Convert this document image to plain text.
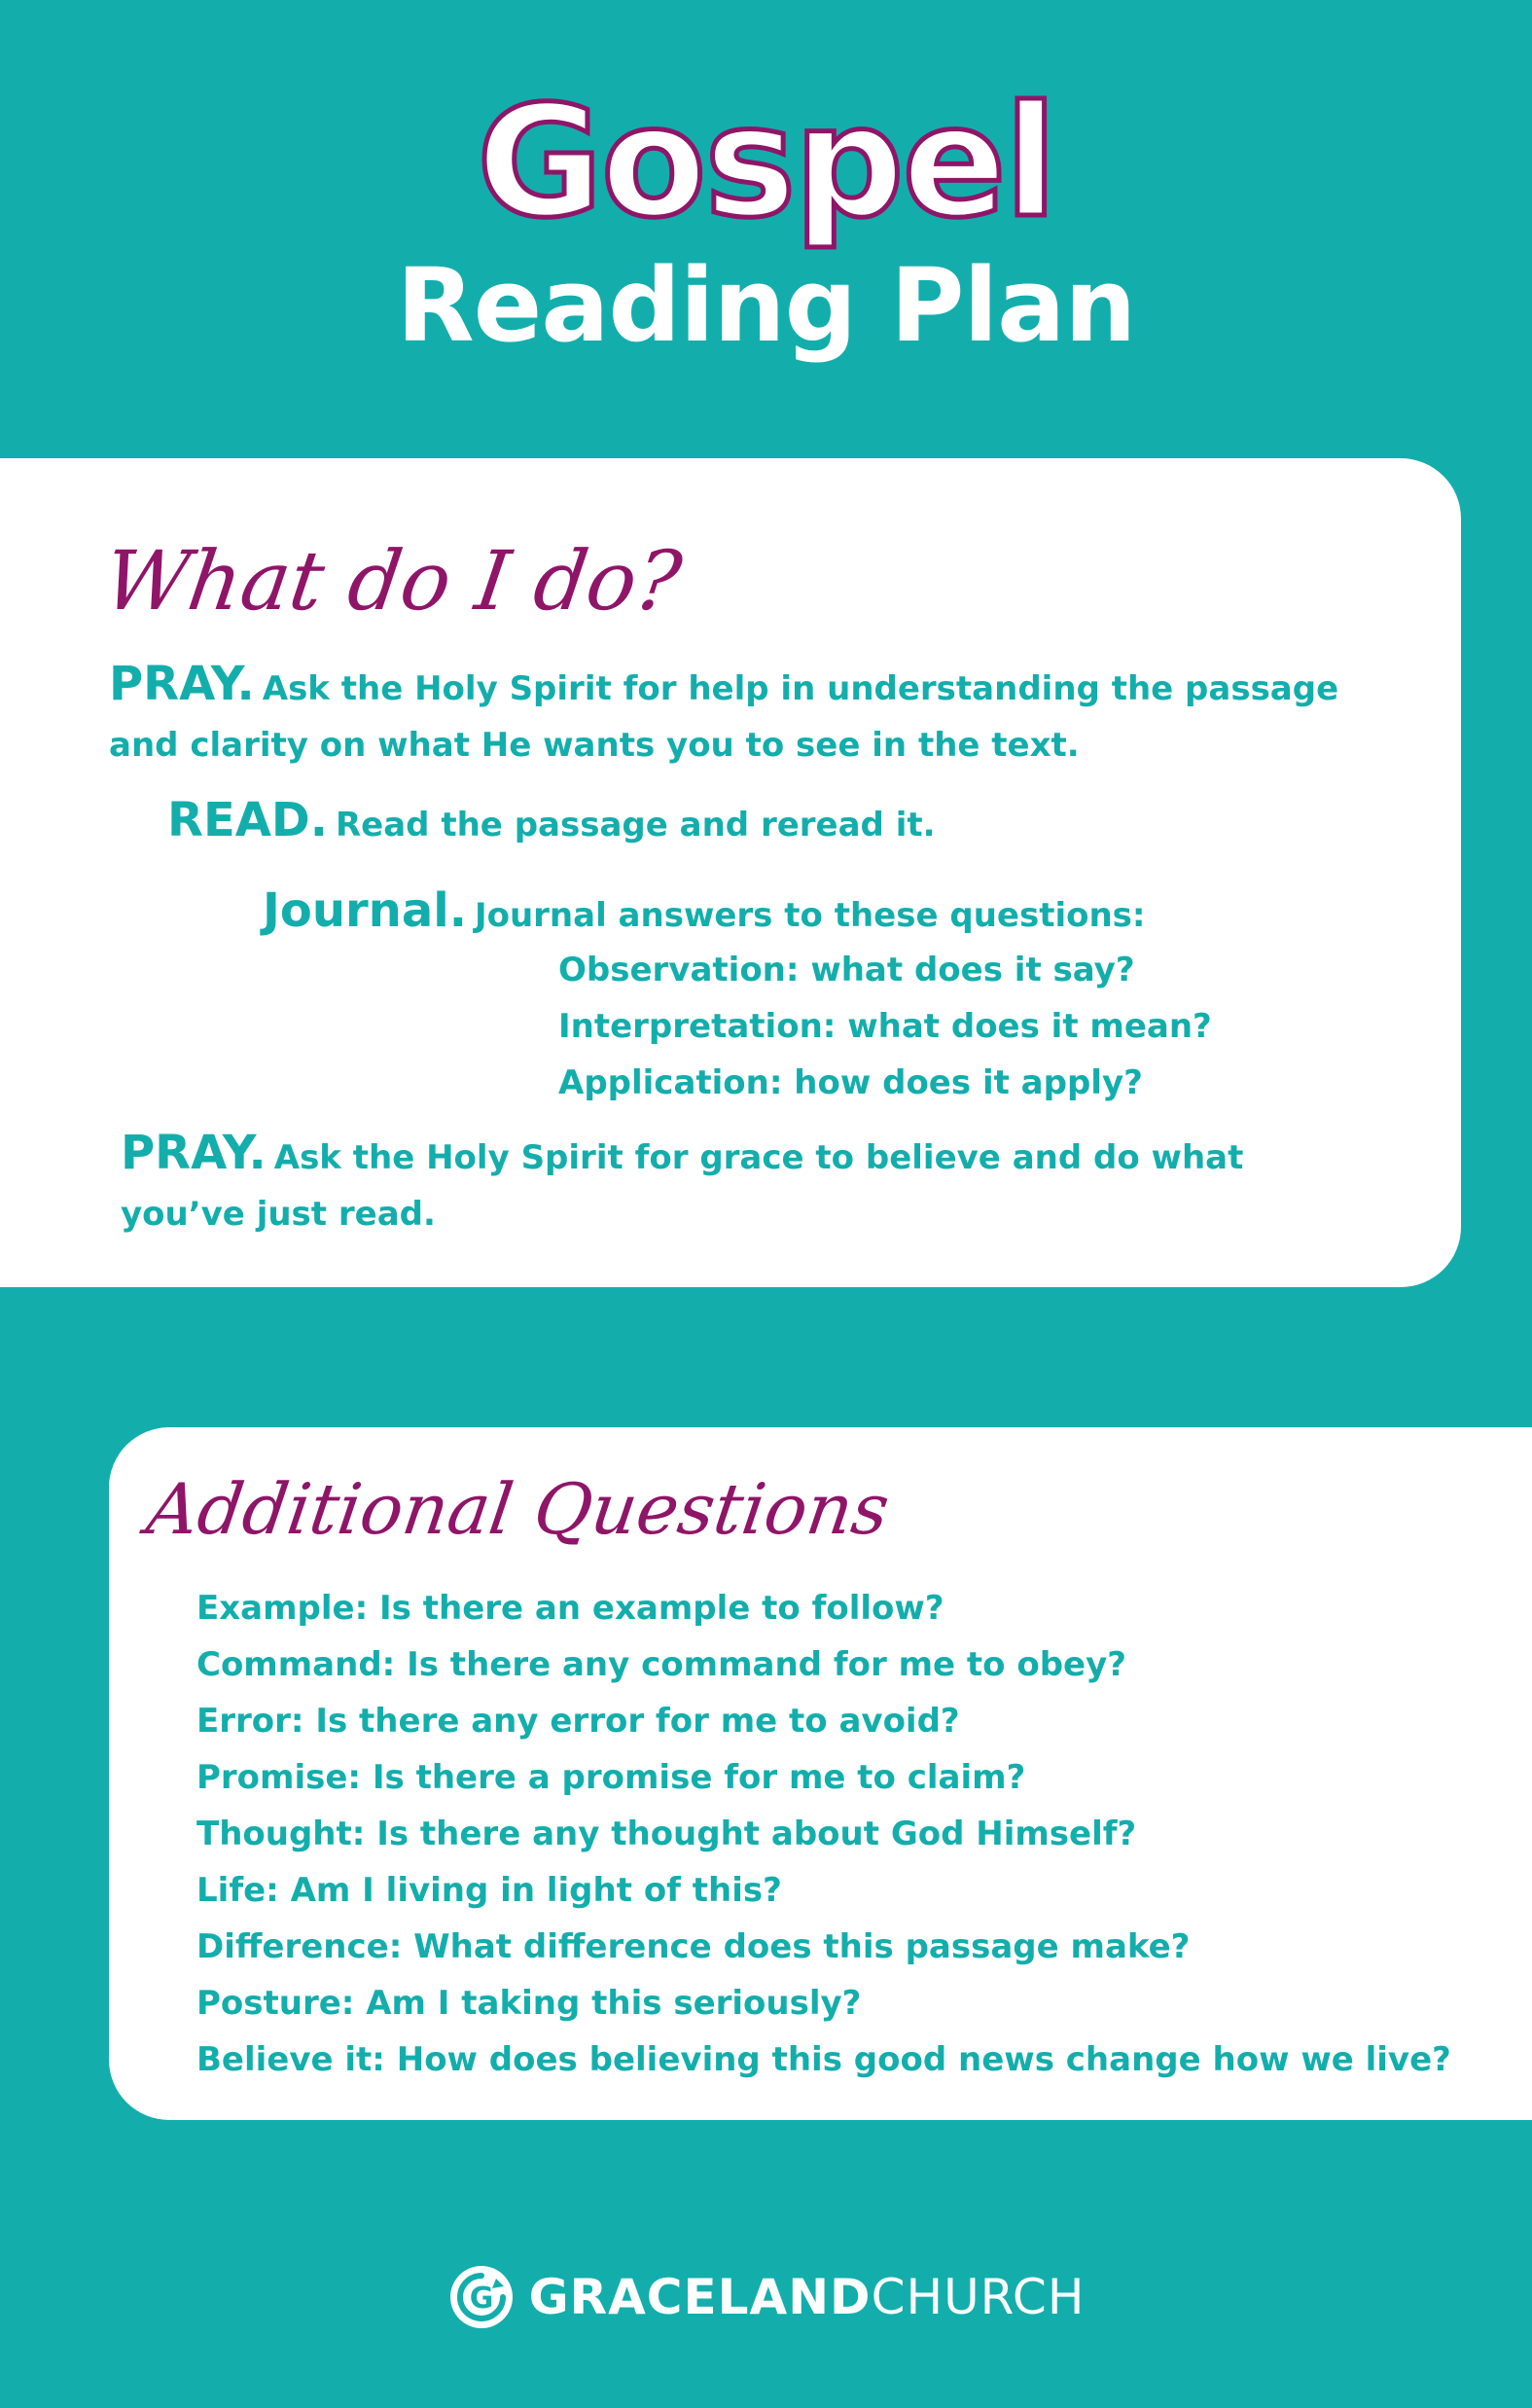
Gospel
Reading Plan
What do I do?
PRAY. Ask the Holy Spirit for help in understanding the passage
and clarity on what He wants you to see in the text.
READ. Read the passage and reread it.
Journal. Journal answers to these questions:
Observation: what does it say?
Interpretation: what does it mean?
Application: how does it apply?
PRAY. Ask the Holy Spirit for grace to believe and do what
you’ve just read.
Additional Questions
Example: Is there an example to follow?
Command: Is there any command for me to obey?
Error: Is there any error for me to avoid?
Promise: Is there a promise for me to claim?
Thought: Is there any thought about God Himself?
Life: Am I living in light of this?
Difference: What difference does this passage make?
Posture: Am I taking this seriously?
Believe it: How does believing this good news change how we live?
G GRACELAND CHURCH
